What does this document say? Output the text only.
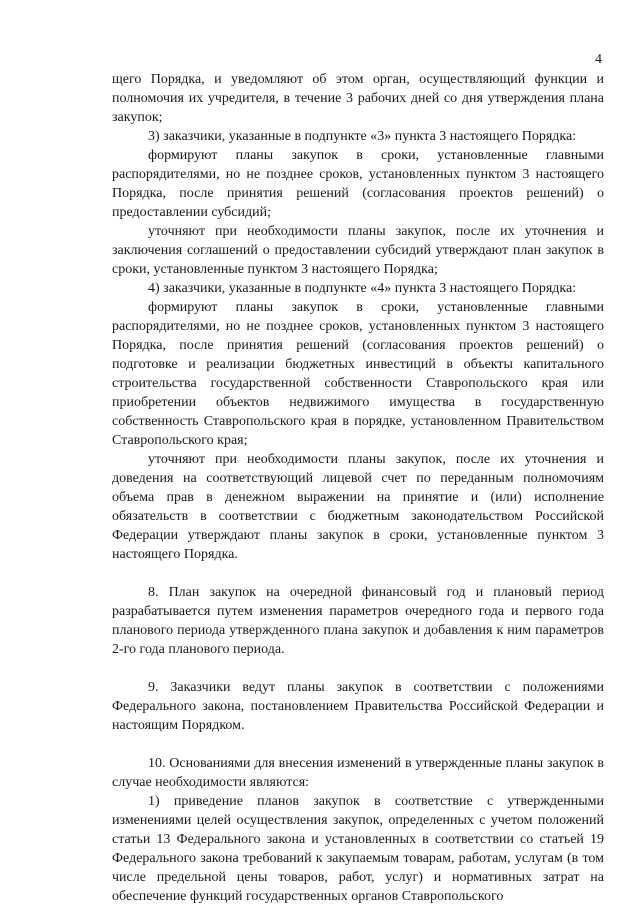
4

щего Порядка, и уведомляют об этом орган, осуществляющий функции и полномочия их учредителя, в течение 3 рабочих дней со дня утверждения плана закупок;

3) заказчики, указанные в подпункте «3» пункта 3 настоящего Порядка:

формируют планы закупок в сроки, установленные главными распорядителями, но не позднее сроков, установленных пунктом 3 настоящего Порядка, после принятия решений (согласования проектов решений) о предоставлении субсидий;

уточняют при необходимости планы закупок, после их уточнения и заключения соглашений о предоставлении субсидий утверждают план закупок в сроки, установленные пунктом 3 настоящего Порядка;

4) заказчики, указанные в подпункте «4» пункта 3 настоящего Порядка:

формируют планы закупок в сроки, установленные главными распорядителями, но не позднее сроков, установленных пунктом 3 настоящего Порядка, после принятия решений (согласования проектов решений) о подготовке и реализации бюджетных инвестиций в объекты капитального строительства государственной собственности Ставропольского края или приобретении объектов недвижимого имущества в государственную собственность Ставропольского края в порядке, установленном Правительством Ставропольского края;

уточняют при необходимости планы закупок, после их уточнения и доведения на соответствующий лицевой счет по переданным полномочиям объема прав в денежном выражении на принятие и (или) исполнение обязательств в соответствии с бюджетным законодательством Российской Федерации утверждают планы закупок в сроки, установленные пунктом 3 настоящего Порядка.

8. План закупок на очередной финансовый год и плановый период разрабатывается путем изменения параметров очередного года и первого года планового периода утвержденного плана закупок и добавления к ним параметров 2-го года планового периода.

9. Заказчики ведут планы закупок в соответствии с положениями Федерального закона, постановлением Правительства Российской Федерации и настоящим Порядком.

10. Основаниями для внесения изменений в утвержденные планы закупок в случае необходимости являются:

1) приведение планов закупок в соответствие с утвержденными изменениями целей осуществления закупок, определенных с учетом положений статьи 13 Федерального закона и установленных в соответствии со статьей 19 Федерального закона требований к закупаемым товарам, работам, услугам (в том числе предельной цены товаров, работ, услуг) и нормативных затрат на обеспечение функций государственных органов Ставропольского
